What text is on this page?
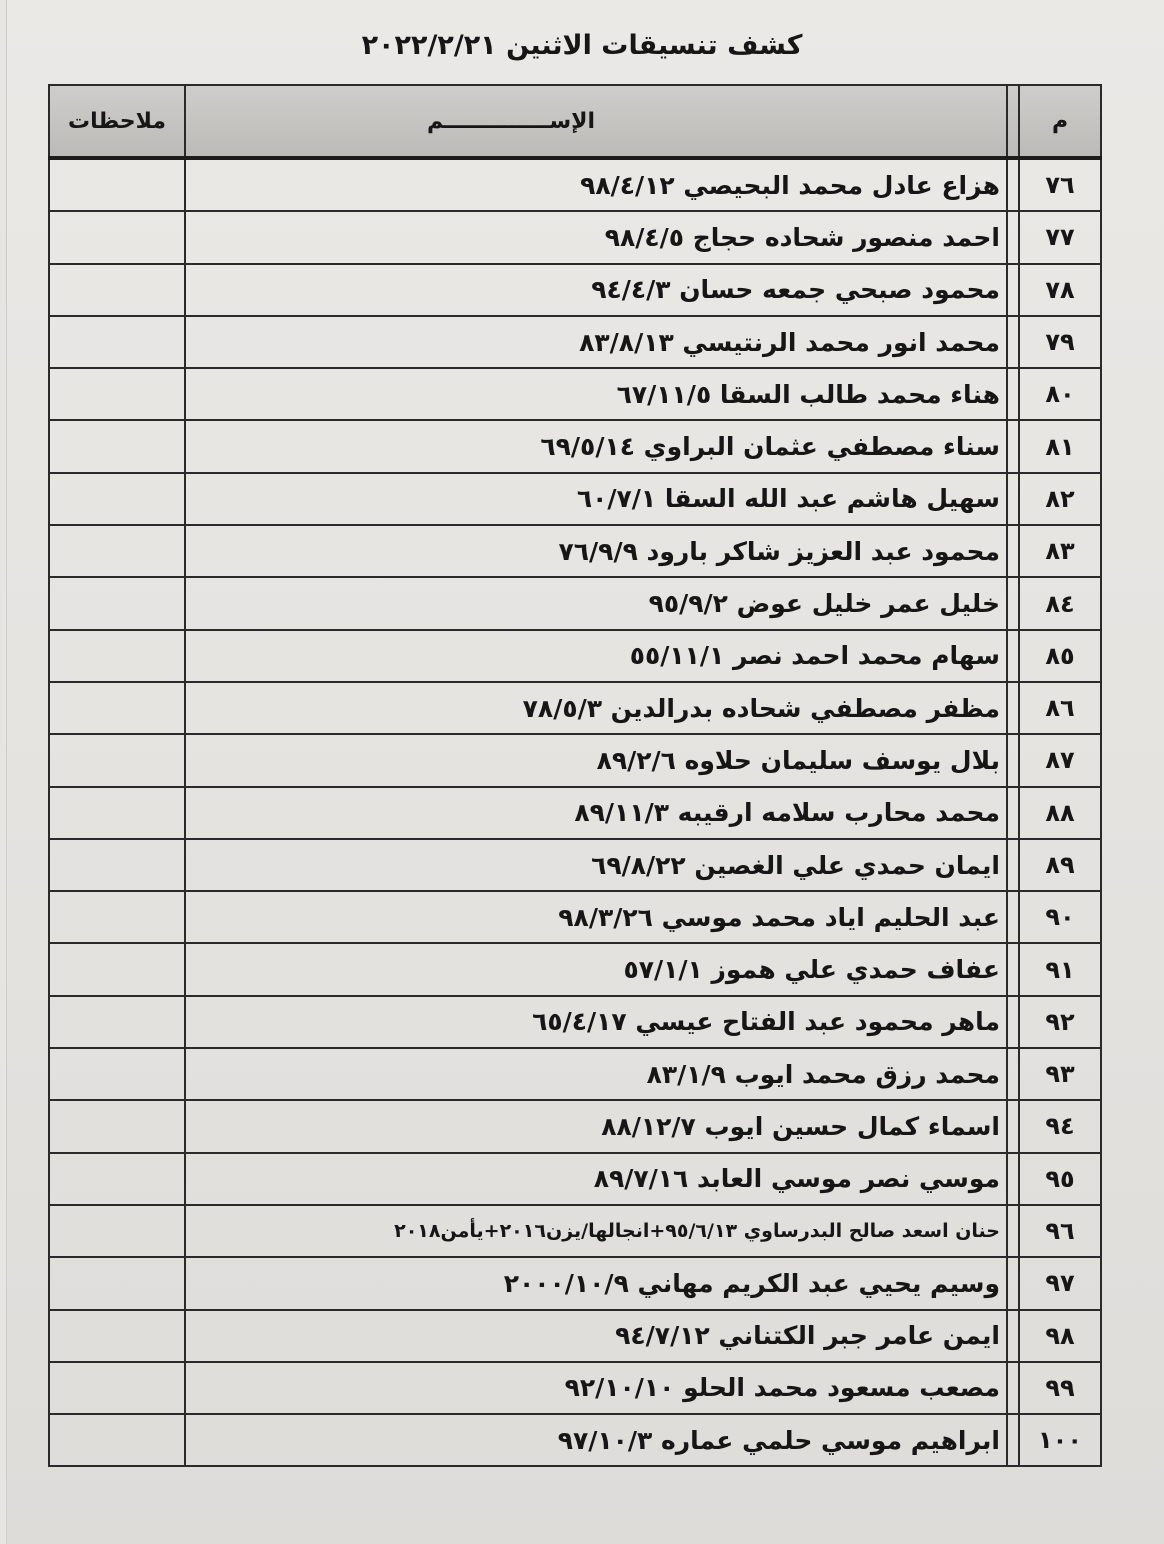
كشف تنسيقات الاثنين ٢٠٢٢/٢/٢١
م		الإســــــــــــــم	ملاحظات
٧٦		هزاع عادل محمد البحيصي ٩٨/٤/١٢	
٧٧		احمد منصور شحاده حجاج ٩٨/٤/٥	
٧٨		محمود صبحي جمعه حسان ٩٤/٤/٣	
٧٩		محمد انور محمد الرنتيسي ٨٣/٨/١٣	
٨٠		هناء محمد طالب السقا ٦٧/١١/٥	
٨١		سناء مصطفي عثمان البراوي ٦٩/٥/١٤	
٨٢		سهيل هاشم عبد الله السقا ٦٠/٧/١	
٨٣		محمود عبد العزيز شاكر بارود ٧٦/٩/٩	
٨٤		خليل عمر خليل عوض ٩٥/٩/٢	
٨٥		سهام محمد احمد نصر ٥٥/١١/١	
٨٦		مظفر مصطفي شحاده بدرالدين ٧٨/٥/٣	
٨٧		بلال يوسف سليمان حلاوه ٨٩/٢/٦	
٨٨		محمد محارب سلامه ارقيبه ٨٩/١١/٣	
٨٩		ايمان حمدي علي الغصين ٦٩/٨/٢٢	
٩٠		عبد الحليم اياد محمد موسي ٩٨/٣/٢٦	
٩١		عفاف حمدي علي هموز ٥٧/١/١	
٩٢		ماهر محمود عبد الفتاح عيسي ٦٥/٤/١٧	
٩٣		محمد رزق محمد ايوب ٨٣/١/٩	
٩٤		اسماء كمال حسين ايوب ٨٨/١٢/٧	
٩٥		موسي نصر موسي العابد ٨٩/٧/١٦	
٩٦		حنان اسعد صالح البدرساوي ٩٥/٦/١٣+انجالها/يزن٢٠١٦+يأمن٢٠١٨	
٩٧		وسيم يحيي عبد الكريم مهاني ٢٠٠٠/١٠/٩	
٩٨		ايمن عامر جبر الكتناني ٩٤/٧/١٢	
٩٩		مصعب مسعود محمد الحلو ٩٢/١٠/١٠	
١٠٠		ابراهيم موسي حلمي عماره ٩٧/١٠/٣	
